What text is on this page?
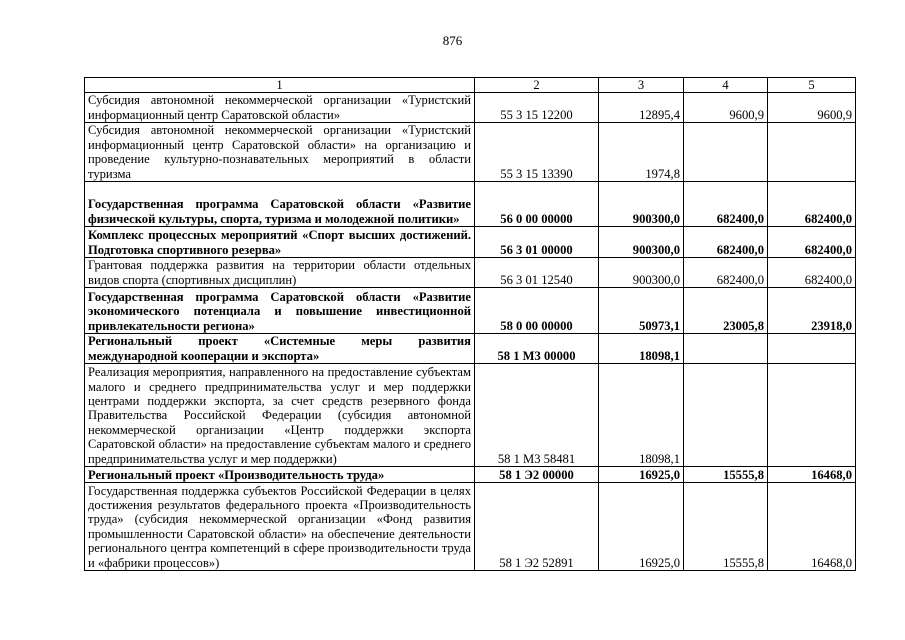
876
1	2	3	4	5
Субсидия автономной некоммерческой организации «Туристский информационный центр Саратовской области»	55 3 15 12200	12895,4	9600,9	9600,9
Субсидия автономной некоммерческой организации «Туристский информационный центр Саратовской области» на организацию и проведение культурно-познавательных мероприятий в области туризма	55 3 15 13390	1974,8		
Государственная программа Саратовской области «Развитие физической культуры, спорта, туризма и молодежной политики»	56 0 00 00000	900300,0	682400,0	682400,0
Комплекс процессных мероприятий «Спорт высших достижений. Подготовка спортивного резерва»	56 3 01 00000	900300,0	682400,0	682400,0
Грантовая поддержка развития на территории области отдельных видов спорта (спортивных дисциплин)	56 3 01 12540	900300,0	682400,0	682400,0
Государственная программа Саратовской области «Развитие экономического потенциала и повышение инвестиционной привлекательности региона»	58 0 00 00000	50973,1	23005,8	23918,0
Региональный проект «Системные меры развития международной кооперации и экспорта»	58 1 М3 00000	18098,1		
Реализация мероприятия, направленного на предоставление субъектам малого и среднего предпринимательства услуг и мер поддержки центрами поддержки экспорта, за счет средств резервного фонда Правительства Российской Федерации (субсидия автономной некоммерческой организации «Центр поддержки экспорта Саратовской области» на предоставление субъектам малого и среднего предпринимательства услуг и мер поддержки)	58 1 М3 58481	18098,1		
Региональный проект «Производительность труда»	58 1 Э2 00000	16925,0	15555,8	16468,0
Государственная поддержка субъектов Российской Федерации в целях достижения результатов федерального проекта «Производительность труда» (субсидия некоммерческой организации «Фонд развития промышленности Саратовской области» на обеспечение деятельности регионального центра компетенций в сфере производительности труда и «фабрики процессов»)	58 1 Э2 52891	16925,0	15555,8	16468,0
